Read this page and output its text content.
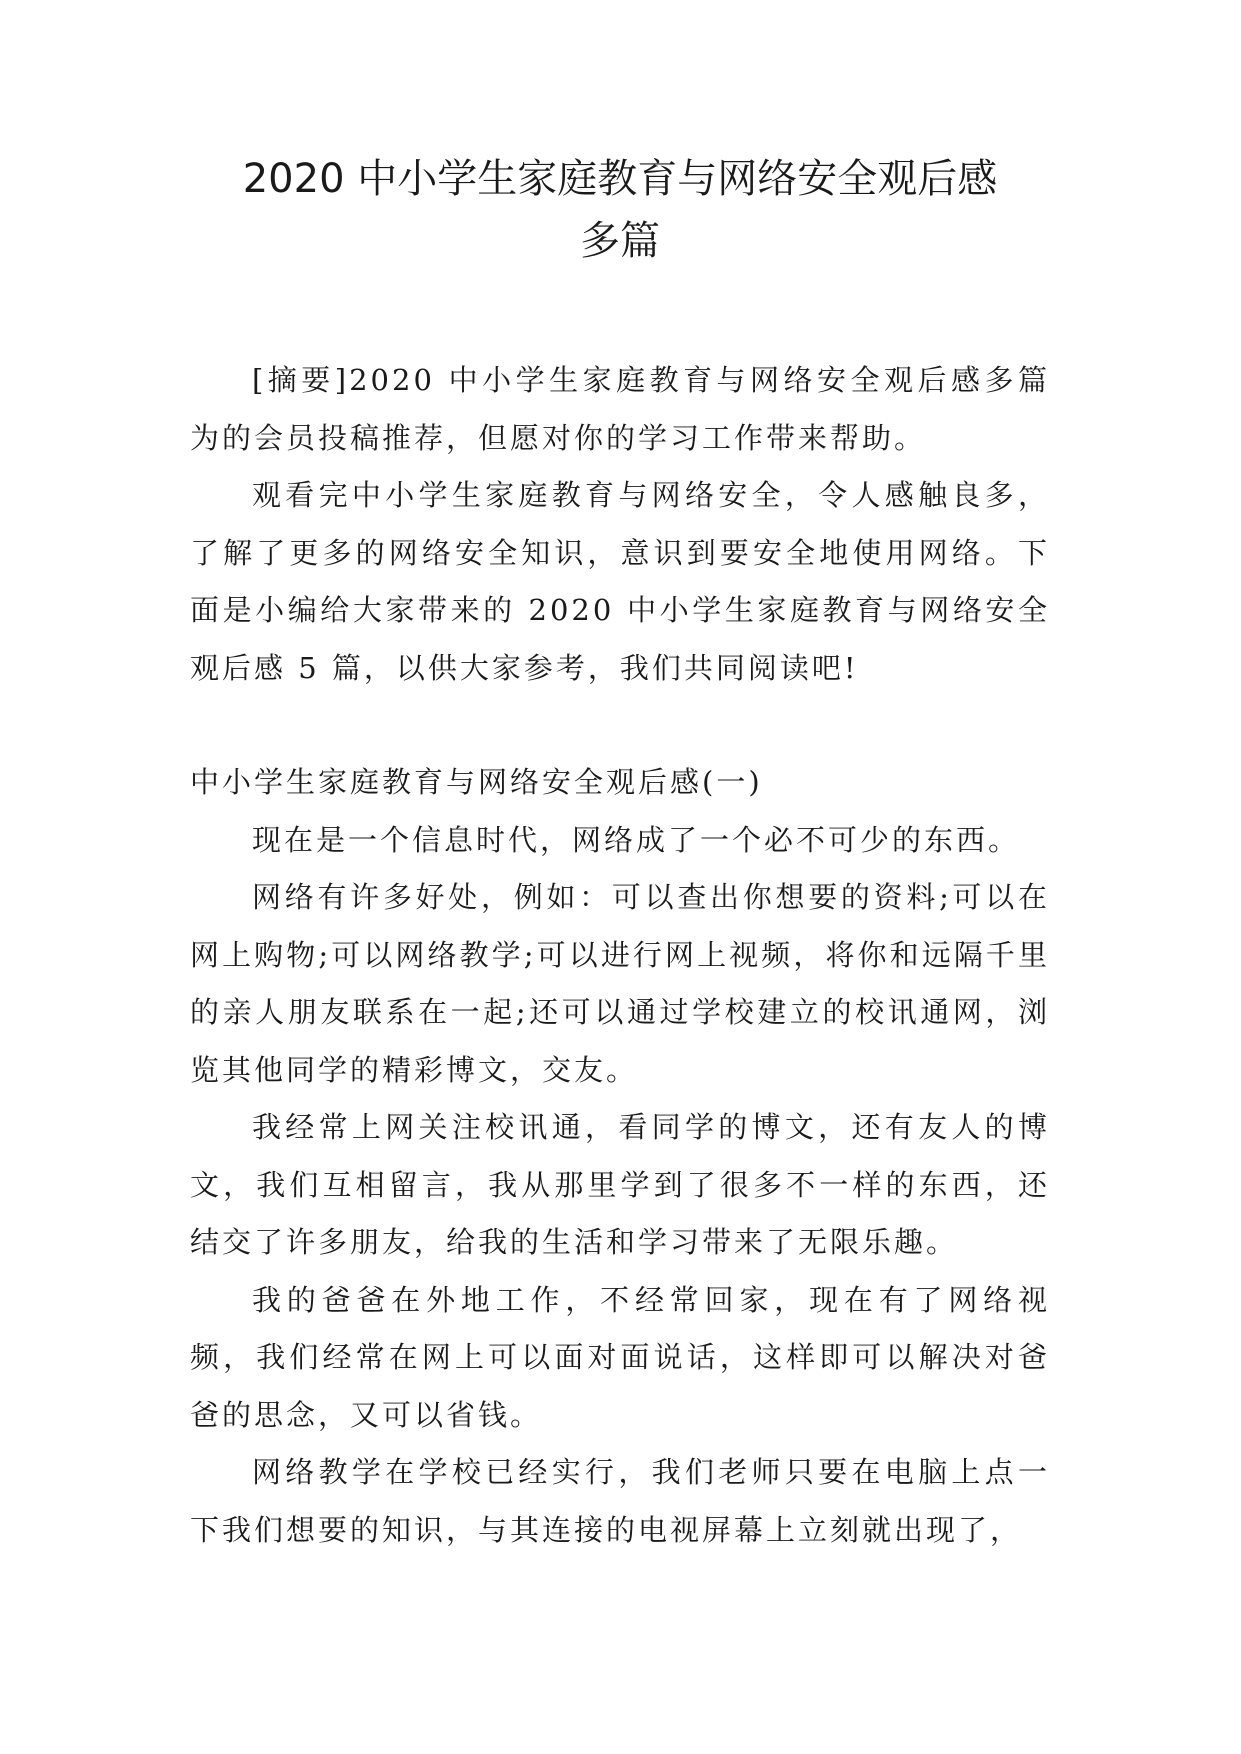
2020 中小学生家庭教育与网络安全观后感
多篇

[摘要]2020 中小学生家庭教育与网络安全观后感多篇为的会员投稿推荐，但愿对你的学习工作带来帮助。

观看完中小学生家庭教育与网络安全，令人感触良多，了解了更多的网络安全知识，意识到要安全地使用网络。下面是小编给大家带来的 2020 中小学生家庭教育与网络安全观后感 5 篇，以供大家参考，我们共同阅读吧!

中小学生家庭教育与网络安全观后感(一)

现在是一个信息时代，网络成了一个必不可少的东西。

网络有许多好处，例如：可以查出你想要的资料;可以在网上购物;可以网络教学;可以进行网上视频，将你和远隔千里的亲人朋友联系在一起;还可以通过学校建立的校讯通网，浏览其他同学的精彩博文，交友。

我经常上网关注校讯通，看同学的博文，还有友人的博文，我们互相留言，我从那里学到了很多不一样的东西，还结交了许多朋友，给我的生活和学习带来了无限乐趣。

我的爸爸在外地工作，不经常回家，现在有了网络视频，我们经常在网上可以面对面说话，这样即可以解决对爸爸的思念，又可以省钱。

网络教学在学校已经实行，我们老师只要在电脑上点一下我们想要的知识，与其连接的电视屏幕上立刻就出现了，
